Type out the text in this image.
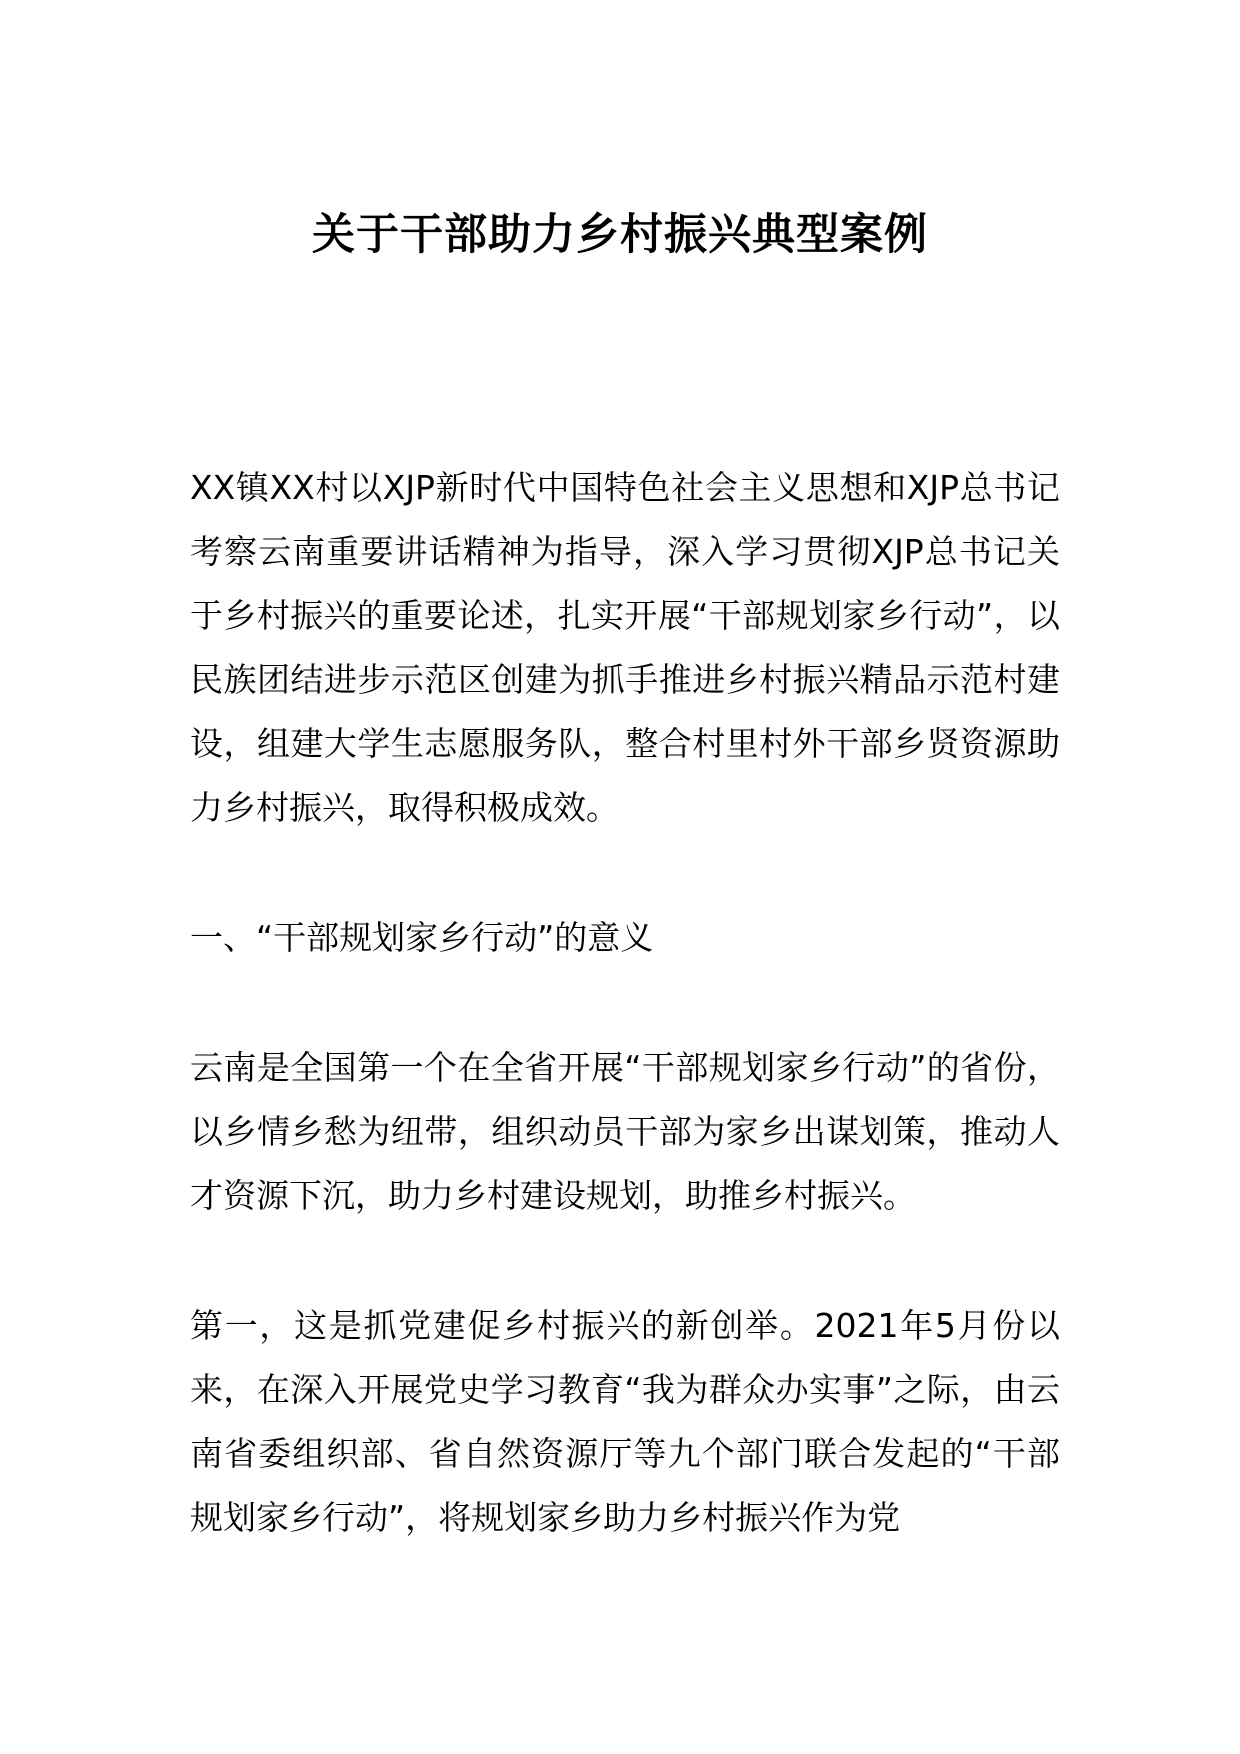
关于干部助力乡村振兴典型案例

XX镇XX村以XJP新时代中国特色社会主义思想和XJP总书记考察云南重要讲话精神为指导，深入学习贯彻XJP总书记关于乡村振兴的重要论述，扎实开展“干部规划家乡行动”，以民族团结进步示范区创建为抓手推进乡村振兴精品示范村建设，组建大学生志愿服务队，整合村里村外干部乡贤资源助力乡村振兴，取得积极成效。

一、“干部规划家乡行动”的意义

云南是全国第一个在全省开展“干部规划家乡行动”的省份，以乡情乡愁为纽带，组织动员干部为家乡出谋划策，推动人才资源下沉，助力乡村建设规划，助推乡村振兴。

第一，这是抓党建促乡村振兴的新创举。2021年5月份以来，在深入开展党史学习教育“我为群众办实事”之际，由云南省委组织部、省自然资源厅等九个部门联合发起的“干部规划家乡行动”，将规划家乡助力乡村振兴作为党
